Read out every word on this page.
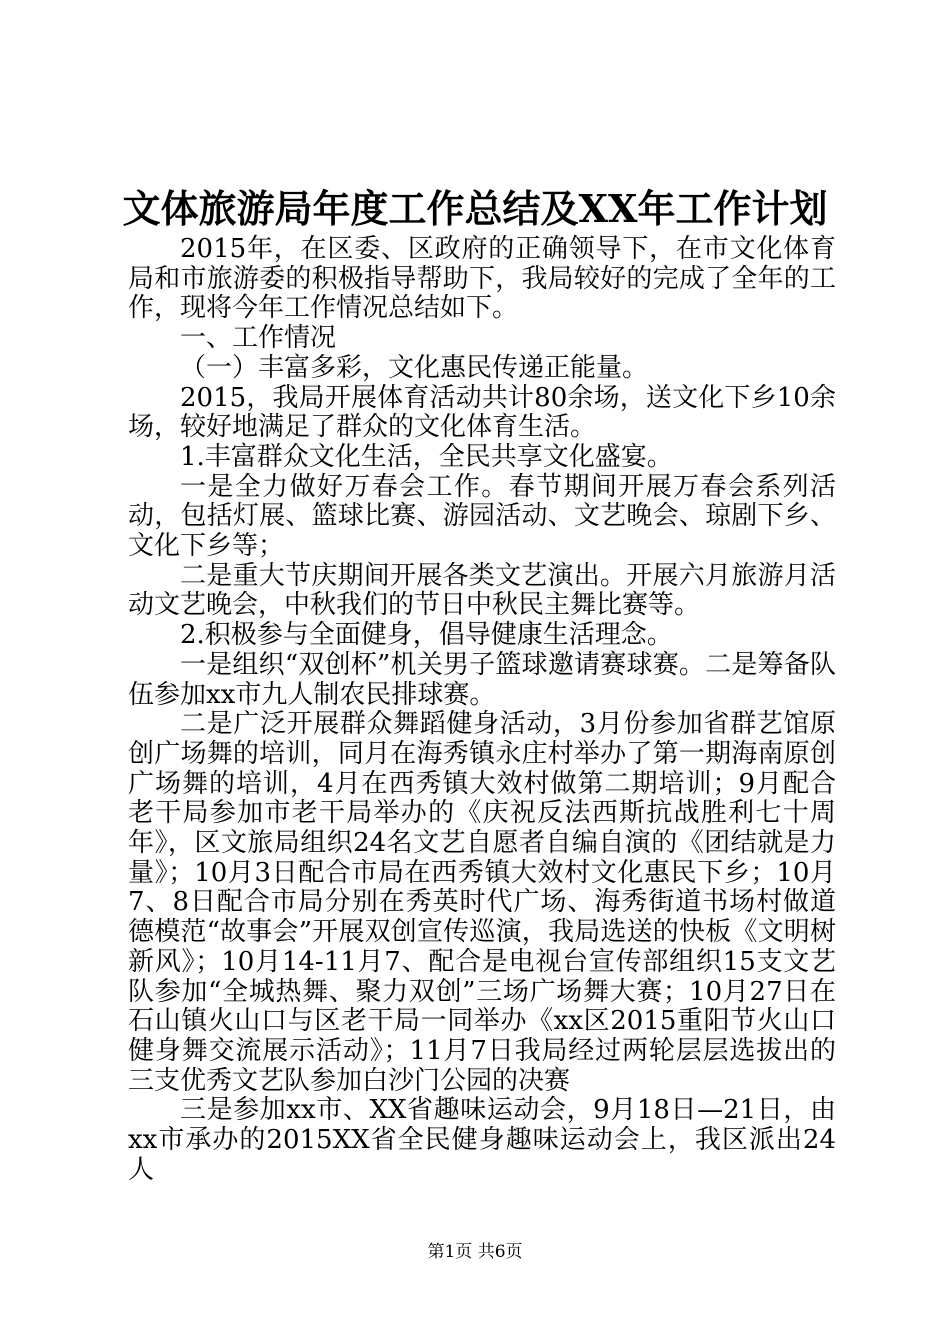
文体旅游局年度工作总结及XX年工作计划

2015年，在区委、区政府的正确领导下，在市文化体育局和市旅游委的积极指导帮助下，我局较好的完成了全年的工作，现将今年工作情况总结如下。

一、工作情况

（一）丰富多彩，文化惠民传递正能量。

2015，我局开展体育活动共计80余场，送文化下乡10余场，较好地满足了群众的文化体育生活。

1.丰富群众文化生活，全民共享文化盛宴。

一是全力做好万春会工作。春节期间开展万春会系列活动，包括灯展、篮球比赛、游园活动、文艺晚会、琼剧下乡、文化下乡等；

二是重大节庆期间开展各类文艺演出。开展六月旅游月活动文艺晚会，中秋我们的节日中秋民主舞比赛等。

2.积极参与全面健身，倡导健康生活理念。

一是组织“双创杯”机关男子篮球邀请赛球赛。二是筹备队伍参加xx市九人制农民排球赛。

二是广泛开展群众舞蹈健身活动，3月份参加省群艺馆原创广场舞的培训，同月在海秀镇永庄村举办了第一期海南原创广场舞的培训，4月在西秀镇大效村做第二期培训；9月配合老干局参加市老干局举办的《庆祝反法西斯抗战胜利七十周年》，区文旅局组织24名文艺自愿者自编自演的《团结就是力量》；10月3日配合市局在西秀镇大效村文化惠民下乡；10月7、8日配合市局分别在秀英时代广场、海秀街道书场村做道德模范“故事会”开展双创宣传巡演，我局选送的快板《文明树新风》；10月14-11月7、配合是电视台宣传部组织15支文艺队参加“全城热舞、聚力双创”三场广场舞大赛；10月27日在石山镇火山口与区老干局一同举办《xx区2015重阳节火山口健身舞交流展示活动》；11月7日我局经过两轮层层选拔出的三支优秀文艺队参加白沙门公园的决赛

三是参加xx市、XX省趣味运动会，9月18日—21日，由xx市承办的2015XX省全民健身趣味运动会上，我区派出24人

第1页 共6页
